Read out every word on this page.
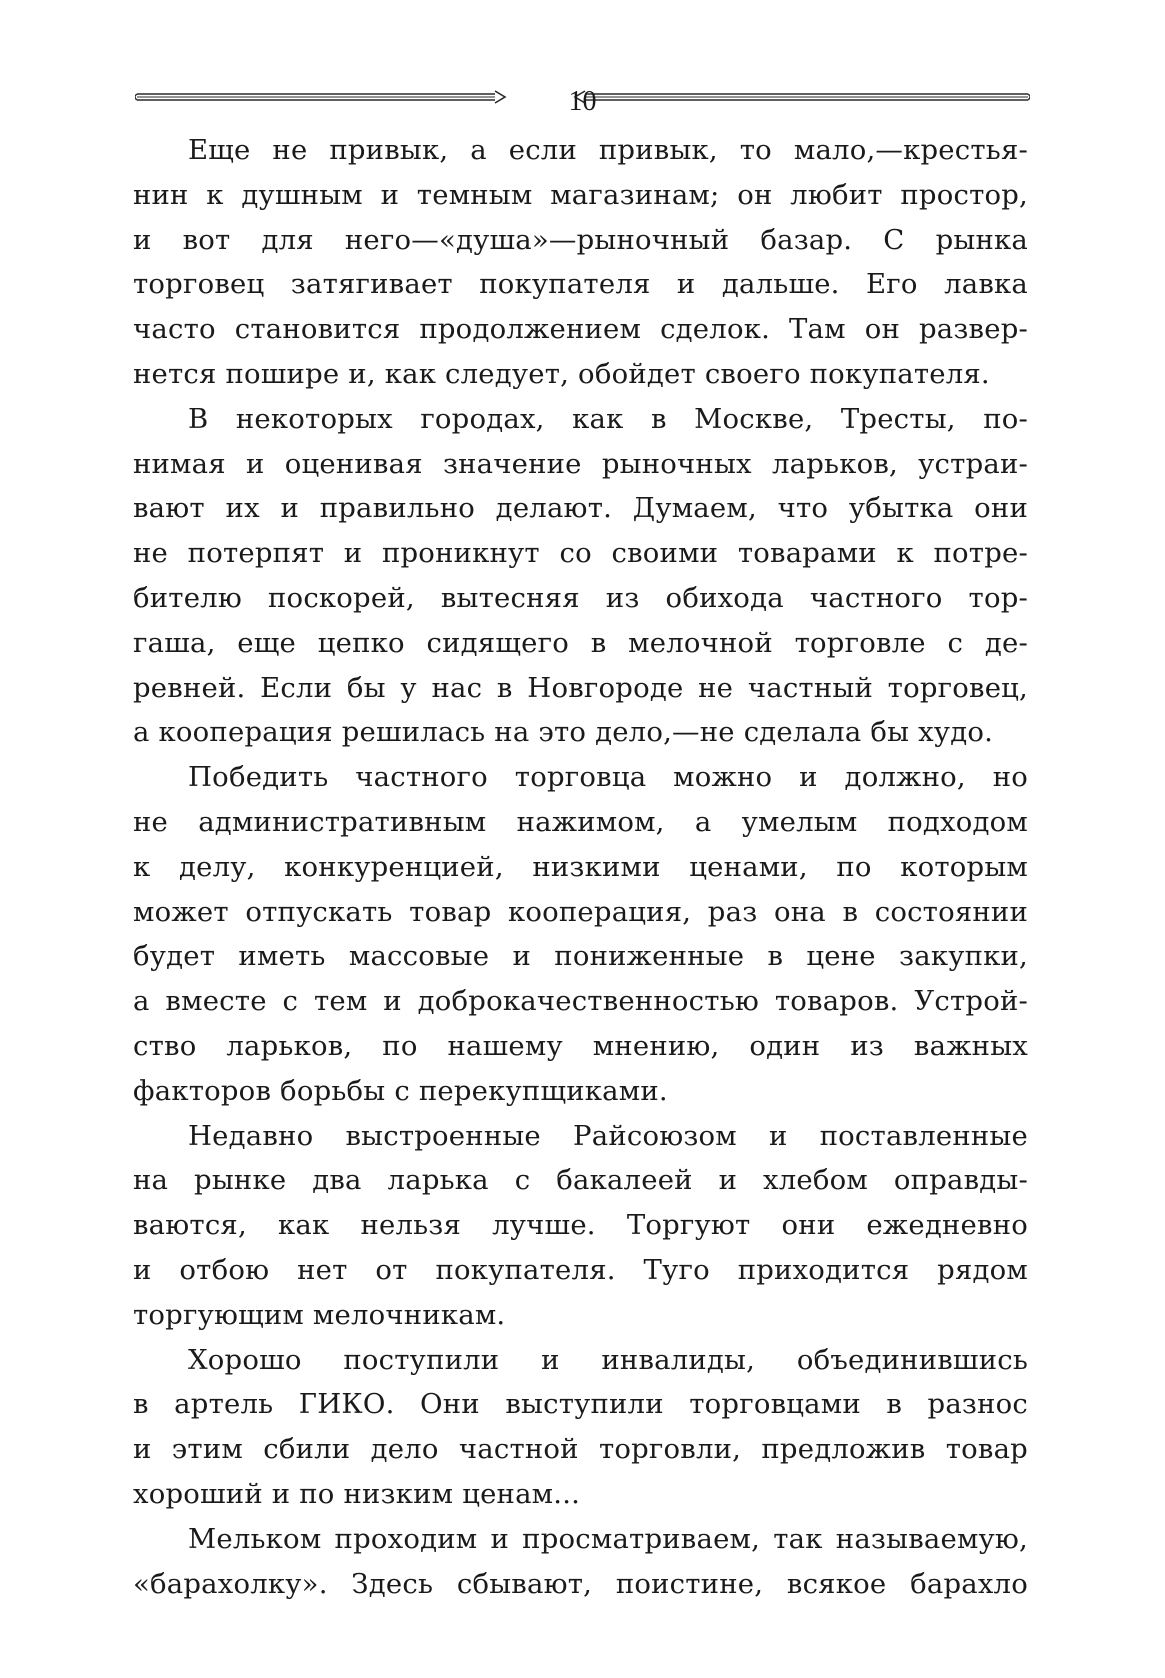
10
Еще не привык, а если привык, то мало,—крестья-
нин к душным и темным магазинам; он любит простор,
и вот для него—«душа»—рыночный базар. С рынка
торговец затягивает покупателя и дальше. Его лавка
часто становится продолжением сделок. Там он развер-
нется пошире и, как следует, обойдет своего покупателя.
В некоторых городах, как в Москве, Тресты, по-
нимая и оценивая значение рыночных ларьков, устраи-
вают их и правильно делают. Думаем, что убытка они
не потерпят и проникнут со своими товарами к потре-
бителю поскорей, вытесняя из обихода частного тор-
гаша, еще цепко сидящего в мелочной торговле с де-
ревней. Если бы у нас в Новгороде не частный торговец,
а кооперация решилась на это дело,—не сделала бы худо.
Победить частного торговца можно и должно, но
не административным нажимом, а умелым подходом
к делу, конкуренцией, низкими ценами, по которым
может отпускать товар кооперация, раз она в состоянии
будет иметь массовые и пониженные в цене закупки,
а вместе с тем и доброкачественностью товаров. Устрой-
ство ларьков, по нашему мнению, один из важных
факторов борьбы с перекупщиками.
Недавно выстроенные Райсоюзом и поставленные
на рынке два ларька с бакалеей и хлебом оправды-
ваются, как нельзя лучше. Торгуют они ежедневно
и отбою нет от покупателя. Туго приходится рядом
торгующим мелочникам.
Хорошо поступили и инвалиды, объединившись
в артель ГИКО. Они выступили торговцами в разнос
и этим сбили дело частной торговли, предложив товар
хороший и по низким ценам...
Мельком проходим и просматриваем, так называемую,
«барахолку». Здесь сбывают, поистине, всякое барахло
